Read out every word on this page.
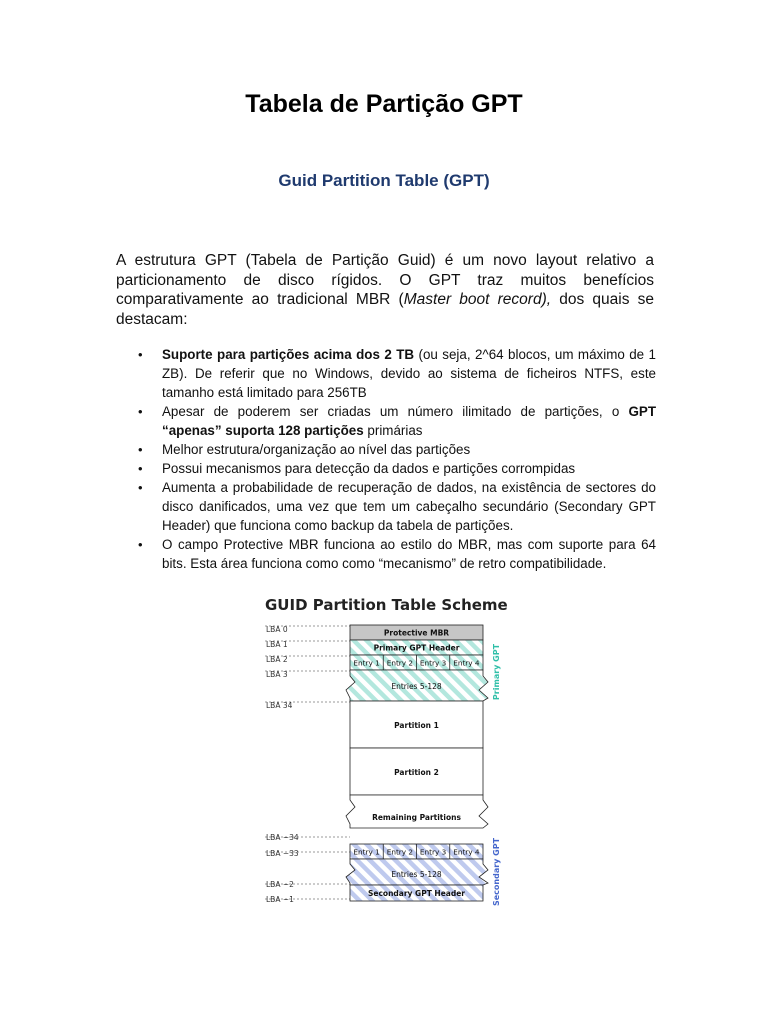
Tabela de Partição GPT
Guid Partition Table (GPT)

A estrutura GPT (Tabela de Partição Guid) é um novo layout relativo a particionamento de disco rígidos. O GPT traz muitos benefícios comparativamente ao tradicional MBR (Master boot record), dos quais se destacam:

• Suporte para partições acima dos 2 TB (ou seja, 2^64 blocos, um máximo de 1 ZB). De referir que no Windows, devido ao sistema de ficheiros NTFS, este tamanho está limitado para 256TB
• Apesar de poderem ser criadas um número ilimitado de partições, o GPT “apenas” suporta 128 partições primárias
• Melhor estrutura/organização ao nível das partições
• Possui mecanismos para detecção da dados e partições corrompidas
• Aumenta a probabilidade de recuperação de dados, na existência de sectores do disco danificados, uma vez que tem um cabeçalho secundário (Secondary GPT Header) que funciona como backup da tabela de partições.
• O campo Protective MBR funciona ao estilo do MBR, mas com suporte para 64 bits. Esta área funciona como como “mecanismo” de retro compatibilidade.
GUID Partition Table Scheme
LBA 0
LBA 1
LBA 2
LBA 3
LBA 34
LBA −34
LBA −33
LBA −2
LBA −1
Protective MBR
Primary GPT Header
Entry 1 Entry 2 Entry 3 Entry 4
Entries 5-128
Partition 1
Partition 2
Remaining Partitions
Entry 1 Entry 2 Entry 3 Entry 4
Entries 5-128
Secondary GPT Header
Primary GPT
Secondary GPT
